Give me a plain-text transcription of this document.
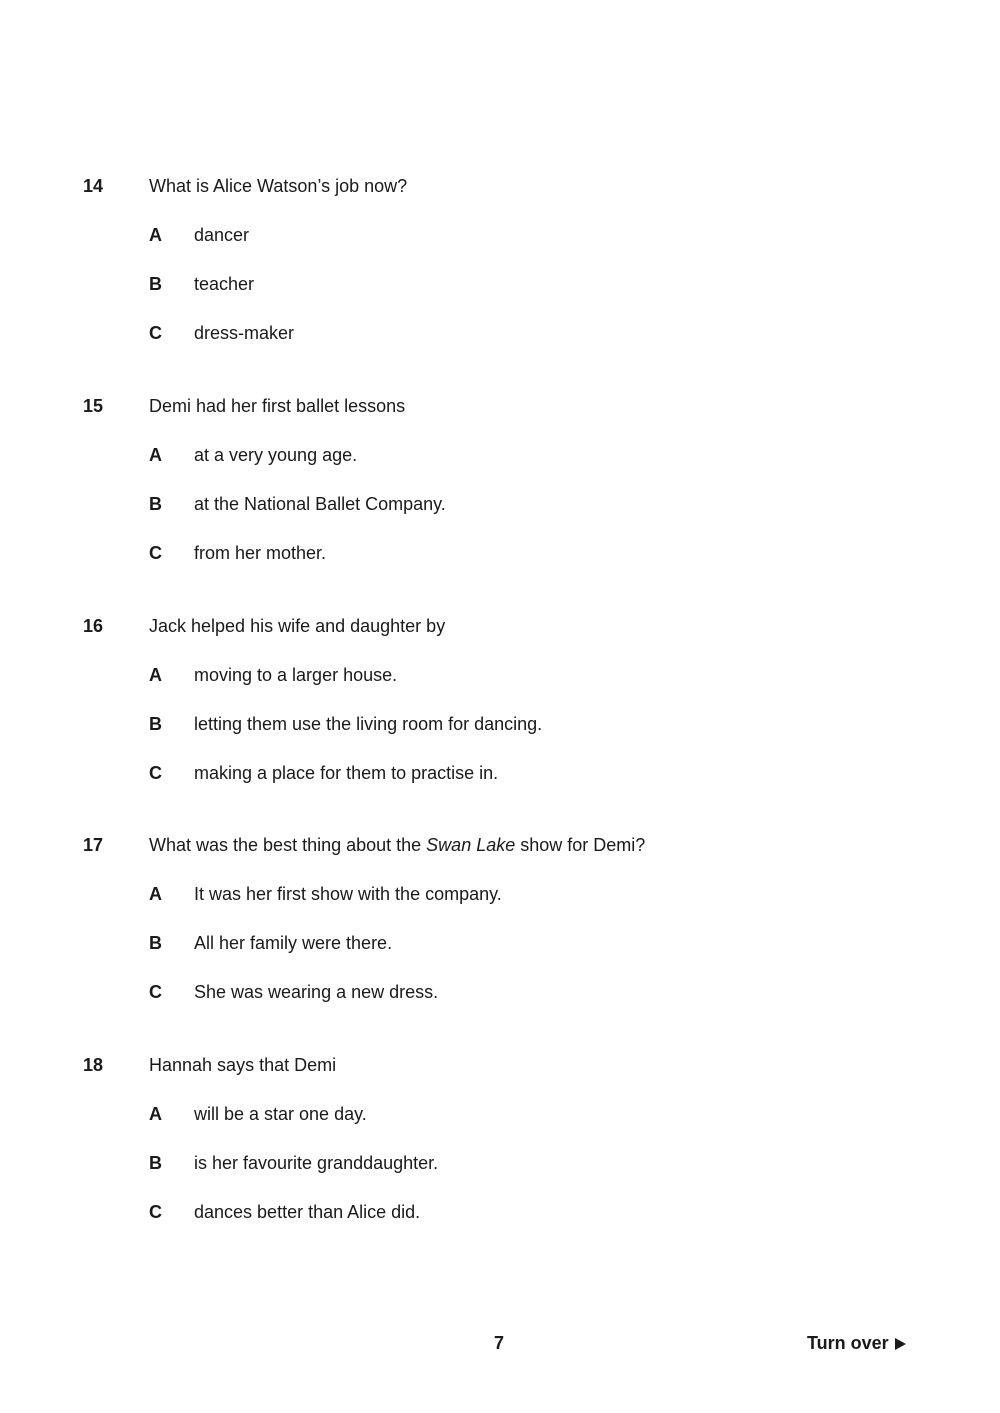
14	What is Alice Watson’s job now?
A dancer
B teacher
C dress-maker
15	Demi had her first ballet lessons
A at a very young age.
B at the National Ballet Company.
C from her mother.
16	Jack helped his wife and daughter by
A moving to a larger house.
B letting them use the living room for dancing.
C making a place for them to practise in.
17	What was the best thing about the Swan Lake show for Demi?
A It was her first show with the company.
B All her family were there.
C She was wearing a new dress.
18	Hannah says that Demi
A will be a star one day.
B is her favourite granddaughter.
C dances better than Alice did.
7	Turn over
